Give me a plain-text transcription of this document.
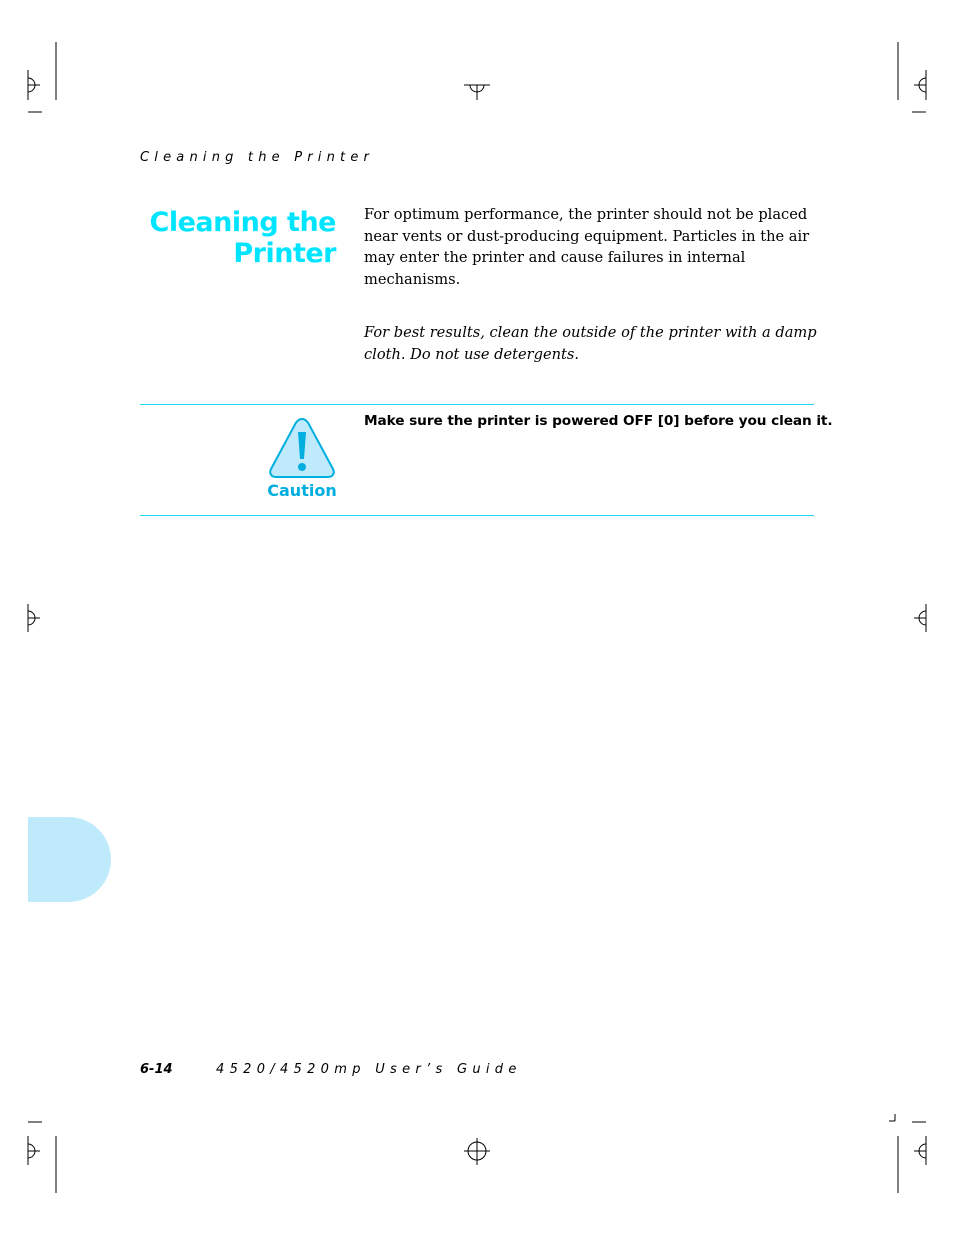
Cleaning the Printer
Cleaning the
Printer
For optimum performance, the printer should not be placed near vents or dust-producing equipment. Particles in the air may enter the printer and cause failures in internal mechanisms.
For best results, clean the outside of the printer with a damp cloth. Do not use detergents.
Caution
Make sure the printer is powered OFF [0] before you clean it.
6-14	4520/4520mp User’s Guide
